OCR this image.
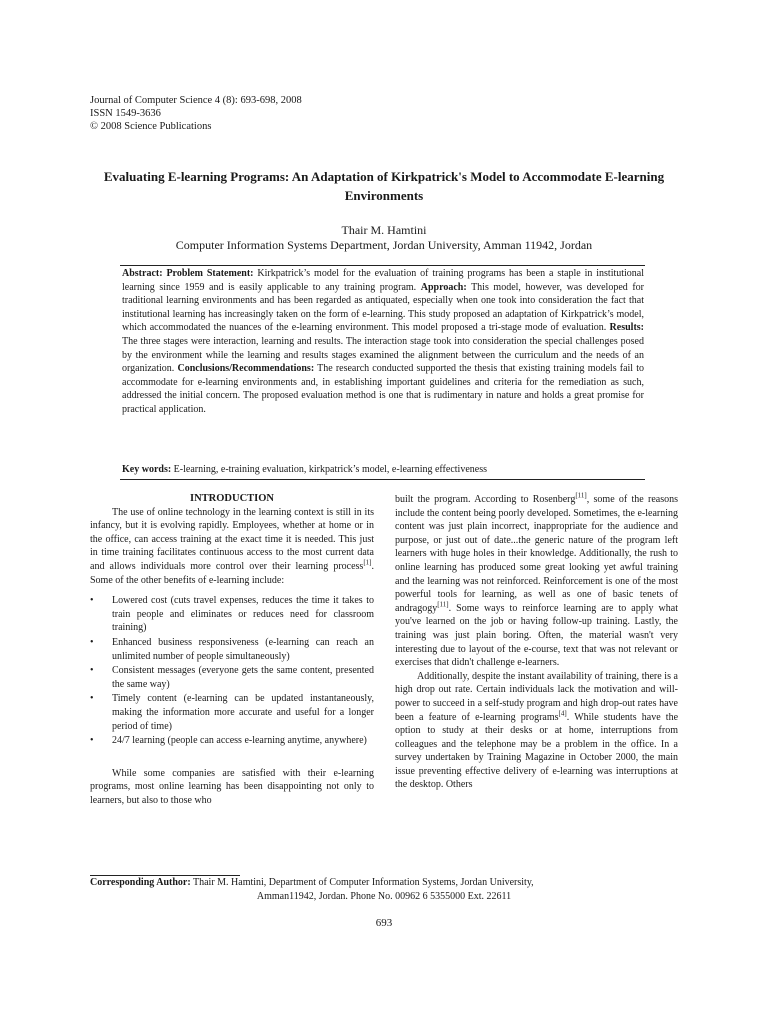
Journal of Computer Science 4 (8): 693-698, 2008
ISSN 1549-3636
© 2008 Science Publications
Evaluating E-learning Programs: An Adaptation of Kirkpatrick's Model to Accommodate E-learning Environments
Thair M. Hamtini
Computer Information Systems Department, Jordan University, Amman 11942, Jordan
Abstract: Problem Statement: Kirkpatrick’s model for the evaluation of training programs has been a staple in institutional learning since 1959 and is easily applicable to any training program. Approach: This model, however, was developed for traditional learning environments and has been regarded as antiquated, especially when one took into consideration the fact that institutional learning has increasingly taken on the form of e-learning. This study proposed an adaptation of Kirkpatrick’s model, which accommodated the nuances of the e-learning environment. This model proposed a tri-stage mode of evaluation. Results: The three stages were interaction, learning and results. The interaction stage took into consideration the special challenges posed by the environment while the learning and results stages examined the alignment between the curriculum and the needs of an organization. Conclusions/Recommendations: The research conducted supported the thesis that existing training models fail to accommodate for e-learning environments and, in establishing important guidelines and criteria for the remediation as such, addressed the initial concern. The proposed evaluation method is one that is rudimentary in nature and holds a great promise for practical application.
Key words: E-learning, e-training evaluation, kirkpatrick’s model, e-learning effectiveness

INTRODUCTION

The use of online technology in the learning context is still in its infancy, but it is evolving rapidly. Employees, whether at home or in the office, can access training at the exact time it is needed. This just in time training facilitates continuous access to the most current data and allows individuals more control over their learning process[1]. Some of the other benefits of e-learning include:

• Lowered cost (cuts travel expenses, reduces the time it takes to train people and eliminates or reduces need for classroom training)
• Enhanced business responsiveness (e-learning can reach an unlimited number of people simultaneously)
• Consistent messages (everyone gets the same content, presented the same way)
• Timely content (e-learning can be updated instantaneously, making the information more accurate and useful for a longer period of time)
• 24/7 learning (people can access e-learning anytime, anywhere)

While some companies are satisfied with their e-learning programs, most online learning has been disappointing not only to learners, but also to those who

built the program. According to Rosenberg[11], some of the reasons include the content being poorly developed. Sometimes, the e-learning content was just plain incorrect, inappropriate for the audience and purpose, or just out of date...the generic nature of the program left learners with huge holes in their knowledge. Additionally, the rush to online learning has produced some great looking yet awful training and the learning was not reinforced. Reinforcement is one of the most powerful tools for learning, as well as one of basic tenets of andragogy[11]. Some ways to reinforce learning are to apply what you've learned on the job or having follow-up training. Lastly, the training was just plain boring. Often, the material wasn't very interesting due to layout of the e-course, text that was not relevant or exercises that didn't challenge e-learners.

Additionally, despite the instant availability of training, there is a high drop out rate. Certain individuals lack the motivation and will-power to succeed in a self-study program and high drop-out rates have been a feature of e-learning programs[4]. While students have the option to study at their desks or at home, interruptions from colleagues and the telephone may be a problem in the office. In a survey undertaken by Training Magazine in October 2000, the main issue preventing effective delivery of e-learning was interruptions at the desktop. Others

Corresponding Author: Thair M. Hamtini, Department of Computer Information Systems, Jordan University,
Amman11942, Jordan. Phone No. 00962 6 5355000 Ext. 22611
693
